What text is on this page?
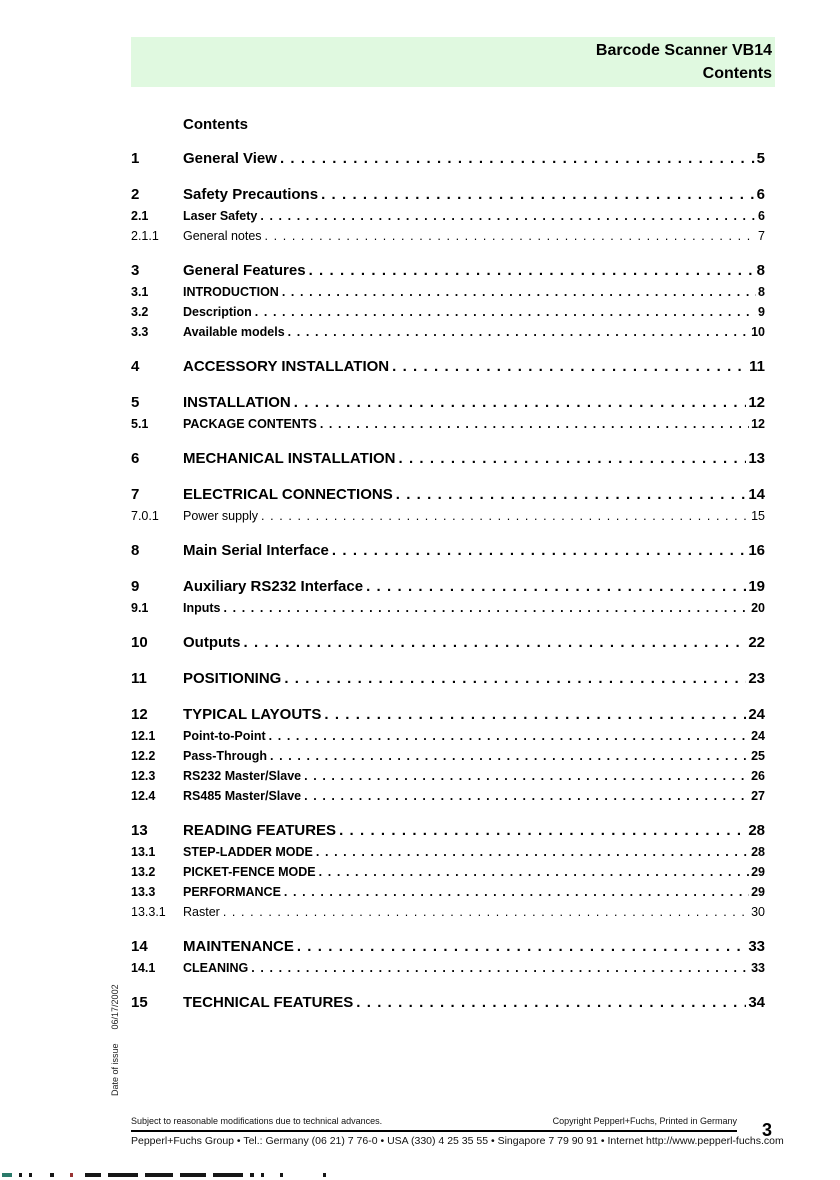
Barcode Scanner VB14
Contents
Contents
1	General View .....	5
2	Safety Precautions .....	6
2.1	Laser Safety .....	6
2.1.1	General notes .....	7
3	General Features .....	8
3.1	INTRODUCTION .....	8
3.2	Description .....	9
3.3	Available models .....	10
4	ACCESSORY INSTALLATION .....	11
5	INSTALLATION .....	12
5.1	PACKAGE CONTENTS .....	12
6	MECHANICAL INSTALLATION .....	13
7	ELECTRICAL CONNECTIONS .....	14
7.0.1	Power supply .....	15
8	Main Serial Interface .....	16
9	Auxiliary RS232 Interface .....	19
9.1	Inputs .....	20
10	Outputs .....	22
11	POSITIONING .....	23
12	TYPICAL LAYOUTS .....	24
12.1	Point-to-Point .....	24
12.2	Pass-Through .....	25
12.3	RS232 Master/Slave .....	26
12.4	RS485 Master/Slave .....	27
13	READING FEATURES .....	28
13.1	STEP-LADDER MODE .....	28
13.2	PICKET-FENCE MODE .....	29
13.3	PERFORMANCE .....	29
13.3.1	Raster .....	30
14	MAINTENANCE .....	33
14.1	CLEANING .....	33
15	TECHNICAL FEATURES .....	34
Date of issue06/17/2002
Subject to reasonable modifications due to technical advances.	Copyright Pepperl+Fuchs, Printed in Germany
Pepperl+Fuchs Group • Tel.: Germany (06 21) 7 76-0 • USA (330) 4 25 35 55 • Singapore 7 79 90 91 • Internet http://www.pepperl-fuchs.com
3
